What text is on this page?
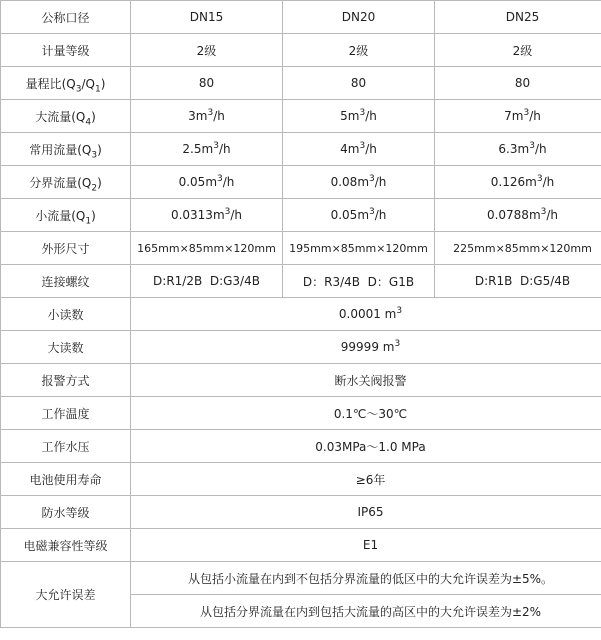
公称口径	DN15	DN20	DN25
计量等级	2级	2级	2级
量程比$(Q_3/Q_1)$	80	80	80
大流量$(Q_4)$	$3m^3/h$	$5m^3/h$	$7m^3/h$
常用流量$(Q_3)$	$2.5m^3/h$	$4m^3/h$	$6.3m^3/h$
分界流量$(Q_2)$	$0.05m^3/h$	$0.08m^3/h$	$0.126m^3/h$
小流量$(Q_1)$	$0.0313m^3/h$	$0.05m^3/h$	$0.0788m^3/h$
外形尺寸	165mm×85mm×120mm	195mm×85mm×120mm	225mm×85mm×120mm
连接螺纹	D:R1/2B  D:G3/4B	D：R3/4B  D：G1B	D:R1B  D:G5/4B
小读数	0.0001 $m^3$
大读数	99999 $m^3$
报警方式	断水关阀报警		
工作温度	0.1℃～30℃		
工作水压	0.03MPa～1.0 MPa		
电池使用寿命	≥6年		
防水等级	IP65		
电磁兼容性等级	E1		
大允许误差	从包括小流量在内到不包括分界流量的低区中的大允许误差为±5%。		
	从包括分界流量在内到包括大流量的高区中的大允许误差为±2%		
